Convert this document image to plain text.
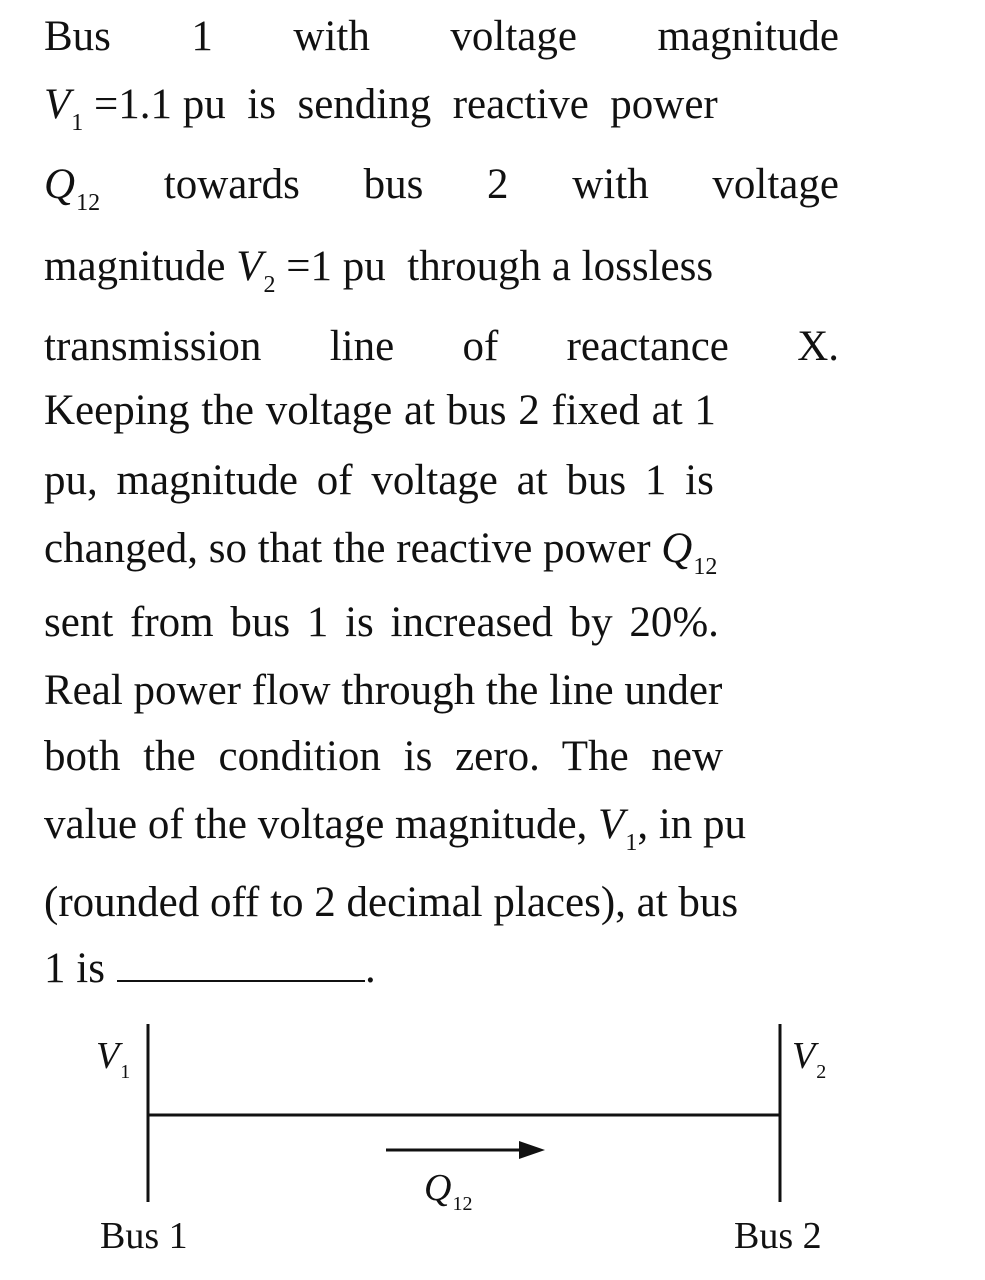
Bus 1 with voltage magnitude
$V_1 =1.1$ pu  is  sending  reactive  power
$Q_{12}$ towards bus 2 with voltage
magnitude $V_2 =1$ pu  through a lossless
transmission line of reactance X.
Keeping the voltage at bus 2 fixed at 1
pu, magnitude of voltage at bus 1 is
changed, so that the reactive power $Q_{12}$
sent from bus 1 is increased by 20%.
Real power flow through the line under
both the condition is zero. The new
value of the voltage magnitude, $V_1$, in pu
(rounded off to 2 decimal places), at bus
1 is	.
$V_1$	$V_2$
$Q_{12}$
Bus 1	Bus 2
